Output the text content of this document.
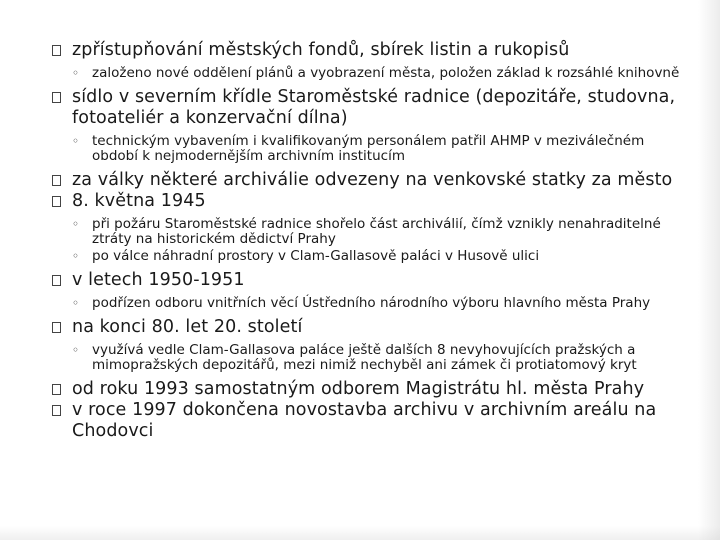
zpřístupňování městských fondů, sbírek listin a rukopisů
◦ založeno nové oddělení plánů a vyobrazení města, položen základ k rozsáhlé knihovně
sídlo v severním křídle Staroměstské radnice (depozitáře, studovna, fotoateliér a konzervační dílna)
◦ technickým vybavením i kvalifikovaným personálem patřil AHMP v meziválečném období k nejmodernějším archivním institucím
za války některé archiválie odvezeny na venkovské statky za město
8. května 1945
◦ při požáru Staroměstské radnice shořelo část archiválií, čímž vznikly nenahraditelné ztráty na historickém dědictví Prahy
◦ po válce náhradní prostory v Clam-Gallasově paláci v Husově ulici
v letech 1950-1951
◦ podřízen odboru vnitřních věcí Ústředního národního výboru hlavního města Prahy
na konci 80. let 20. století
◦ využívá vedle Clam-Gallasova paláce ještě dalších 8 nevyhovujících pražských a mimopražských depozitářů, mezi nimiž nechyběl ani zámek či protiatomový kryt
od roku 1993 samostatným odborem Magistrátu hl. města Prahy
v roce 1997 dokončena novostavba archivu v archivním areálu na Chodovci
